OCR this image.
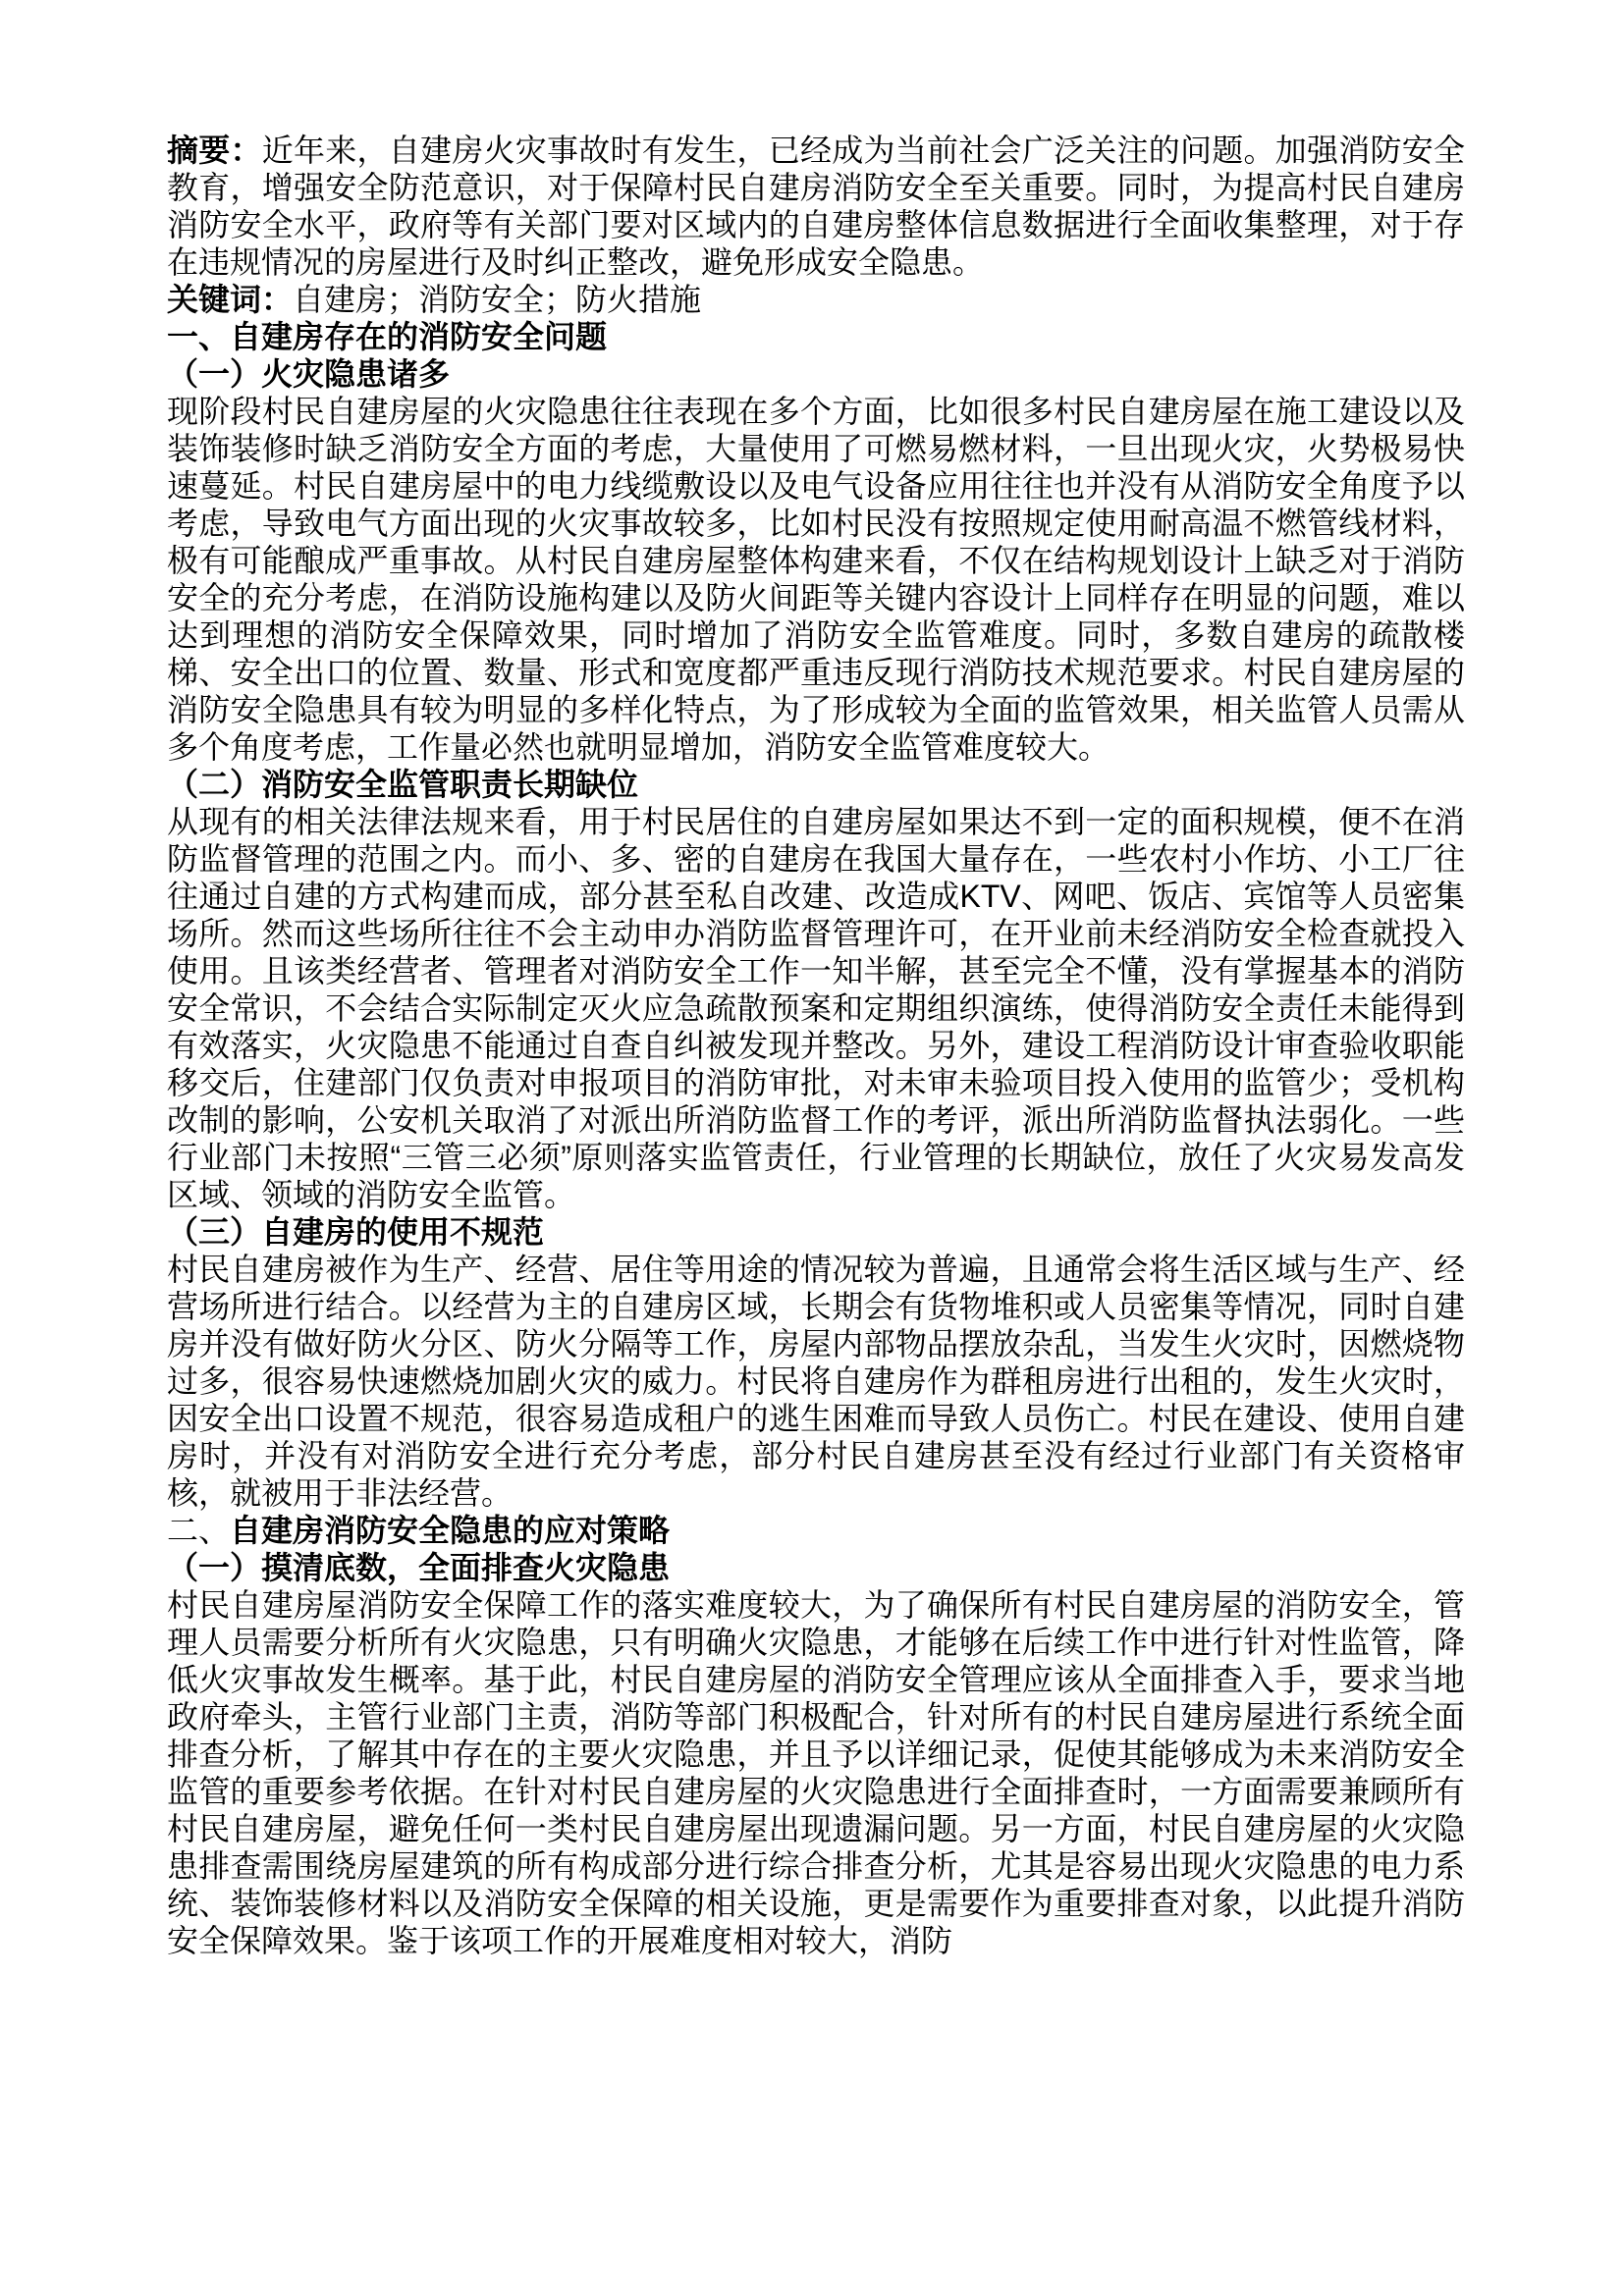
摘要：近年来，自建房火灾事故时有发生，已经成为当前社会广泛关注的问题。加强消防安全教育，增强安全防范意识，对于保障村民自建房消防安全至关重要。同时，为提高村民自建房消防安全水平，政府等有关部门要对区域内的自建房整体信息数据进行全面收集整理，对于存在违规情况的房屋进行及时纠正整改，避免形成安全隐患。

关键词：自建房；消防安全；防火措施

一、自建房存在的消防安全问题

（一）火灾隐患诸多

现阶段村民自建房屋的火灾隐患往往表现在多个方面，比如很多村民自建房屋在施工建设以及装饰装修时缺乏消防安全方面的考虑，大量使用了可燃易燃材料，一旦出现火灾，火势极易快速蔓延。村民自建房屋中的电力线缆敷设以及电气设备应用往往也并没有从消防安全角度予以考虑，导致电气方面出现的火灾事故较多，比如村民没有按照规定使用耐高温不燃管线材料，极有可能酿成严重事故。从村民自建房屋整体构建来看，不仅在结构规划设计上缺乏对于消防安全的充分考虑，在消防设施构建以及防火间距等关键内容设计上同样存在明显的问题，难以达到理想的消防安全保障效果，同时增加了消防安全监管难度。同时，多数自建房的疏散楼梯、安全出口的位置、数量、形式和宽度都严重违反现行消防技术规范要求。村民自建房屋的消防安全隐患具有较为明显的多样化特点，为了形成较为全面的监管效果，相关监管人员需从多个角度考虑，工作量必然也就明显增加，消防安全监管难度较大。

（二）消防安全监管职责长期缺位

从现有的相关法律法规来看，用于村民居住的自建房屋如果达不到一定的面积规模，便不在消防监督管理的范围之内。而小、多、密的自建房在我国大量存在，一些农村小作坊、小工厂往往通过自建的方式构建而成，部分甚至私自改建、改造成KTV、网吧、饭店、宾馆等人员密集场所。然而这些场所往往不会主动申办消防监督管理许可，在开业前未经消防安全检查就投入使用。且该类经营者、管理者对消防安全工作一知半解，甚至完全不懂，没有掌握基本的消防安全常识，不会结合实际制定灭火应急疏散预案和定期组织演练，使得消防安全责任未能得到有效落实，火灾隐患不能通过自查自纠被发现并整改。另外，建设工程消防设计审查验收职能移交后，住建部门仅负责对申报项目的消防审批，对未审未验项目投入使用的监管少；受机构改制的影响，公安机关取消了对派出所消防监督工作的考评，派出所消防监督执法弱化。一些行业部门未按照“三管三必须”原则落实监管责任，行业管理的长期缺位，放任了火灾易发高发区域、领域的消防安全监管。

（三）自建房的使用不规范

村民自建房被作为生产、经营、居住等用途的情况较为普遍，且通常会将生活区域与生产、经营场所进行结合。以经营为主的自建房区域，长期会有货物堆积或人员密集等情况，同时自建房并没有做好防火分区、防火分隔等工作，房屋内部物品摆放杂乱，当发生火灾时，因燃烧物过多，很容易快速燃烧加剧火灾的威力。村民将自建房作为群租房进行出租的，发生火灾时，因安全出口设置不规范，很容易造成租户的逃生困难而导致人员伤亡。村民在建设、使用自建房时，并没有对消防安全进行充分考虑，部分村民自建房甚至没有经过行业部门有关资格审核，就被用于非法经营。

二、自建房消防安全隐患的应对策略

（一）摸清底数，全面排查火灾隐患

村民自建房屋消防安全保障工作的落实难度较大，为了确保所有村民自建房屋的消防安全，管理人员需要分析所有火灾隐患，只有明确火灾隐患，才能够在后续工作中进行针对性监管，降低火灾事故发生概率。基于此，村民自建房屋的消防安全管理应该从全面排查入手，要求当地政府牵头，主管行业部门主责，消防等部门积极配合，针对所有的村民自建房屋进行系统全面排查分析，了解其中存在的主要火灾隐患，并且予以详细记录，促使其能够成为未来消防安全监管的重要参考依据。在针对村民自建房屋的火灾隐患进行全面排查时，一方面需要兼顾所有村民自建房屋，避免任何一类村民自建房屋出现遗漏问题。另一方面，村民自建房屋的火灾隐患排查需围绕房屋建筑的所有构成部分进行综合排查分析，尤其是容易出现火灾隐患的电力系统、装饰装修材料以及消防安全保障的相关设施，更是需要作为重要排查对象，以此提升消防安全保障效果。鉴于该项工作的开展难度相对较大，消防
